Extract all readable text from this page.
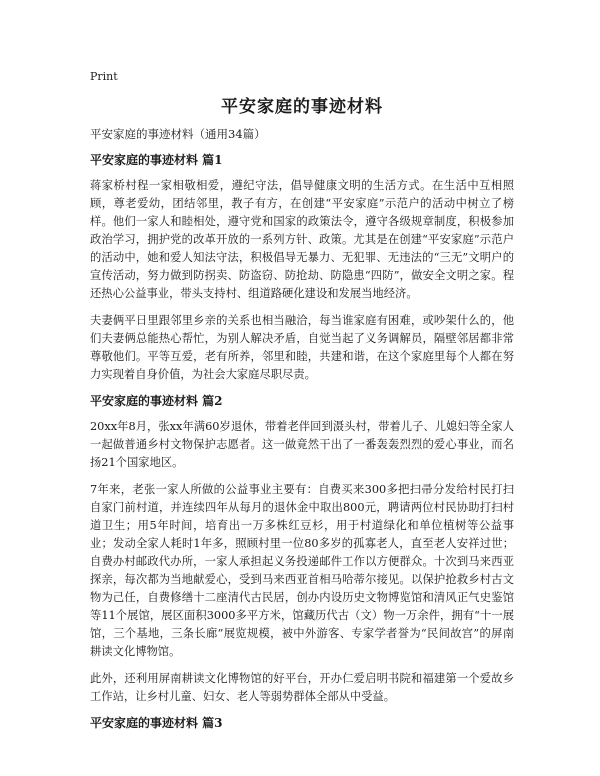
Print
平安家庭的事迹材料
平安家庭的事迹材料（通用34篇）
平安家庭的事迹材料 篇1

蒋家桥村程一家相敬相爱，遵纪守法，倡导健康文明的生活方式。在生活中互相照顾，尊老爱幼，团结邻里，教子有方，在创建“平安家庭”示范户的活动中树立了榜样。他们一家人和睦相处，遵守党和国家的政策法令，遵守各级规章制度，积极参加政治学习，拥护党的改革开放的一系列方针、政策。尤其是在创建“平安家庭”示范户的活动中，她和爱人知法守法，积极倡导无暴力、无犯罪、无违法的“三无”文明户的宣传活动，努力做到防拐卖、防盗窃、防抢劫、防隐患“四防”，做安全文明之家。程还热心公益事业，带头支持村、组道路硬化建设和发展当地经济。

夫妻俩平日里跟邻里乡亲的关系也相当融洽，每当谁家庭有困难，或吵架什么的，他们夫妻俩总能热心帮忙，为别人解决矛盾，自觉当起了义务调解员，隔壁邻居都非常尊敬他们。平等互爱，老有所养，邻里和睦，共建和谐，在这个家庭里每个人都在努力实现着自身价值，为社会大家庭尽职尽责。

平安家庭的事迹材料 篇2

20xx年8月，张xx年满60岁退休，带着老伴回到滠头村，带着儿子、儿媳妇等全家人一起做普通乡村文物保护志愿者。这一做竟然干出了一番轰轰烈烈的爱心事业，而名扬21个国家地区。

7年来，老张一家人所做的公益事业主要有：自费买来300多把扫帚分发给村民打扫自家门前村道，并连续四年从每月的退休金中取出800元，聘请两位村民协助打扫村道卫生；用5年时间，培育出一万多株红豆杉，用于村道绿化和单位植树等公益事业；发动全家人耗时1年多，照顾村里一位80多岁的孤寡老人，直至老人安祥过世；自费办村邮政代办所，一家人承担起义务投递邮件工作以方便群众。十次到马来西亚探亲，每次都为当地献爱心，受到马来西亚首相马哈蒂尔接见。以保护抢救乡村古文物为己任，自费修缮十二座清代古民居，创办内设历史文物博览馆和清风正气史鉴馆等11个展馆，展区面积3000多平方米，馆藏历代古（文）物一万余件，拥有“十一展馆，三个基地，三条长廊”展览规模，被中外游客、专家学者誉为“民间故宫”的屏南耕读文化博物馆。

此外，还利用屏南耕读文化博物馆的好平台，开办仁爱启明书院和福建第一个爱故乡工作站，让乡村儿童、妇女、老人等弱势群体全部从中受益。

平安家庭的事迹材料 篇3
